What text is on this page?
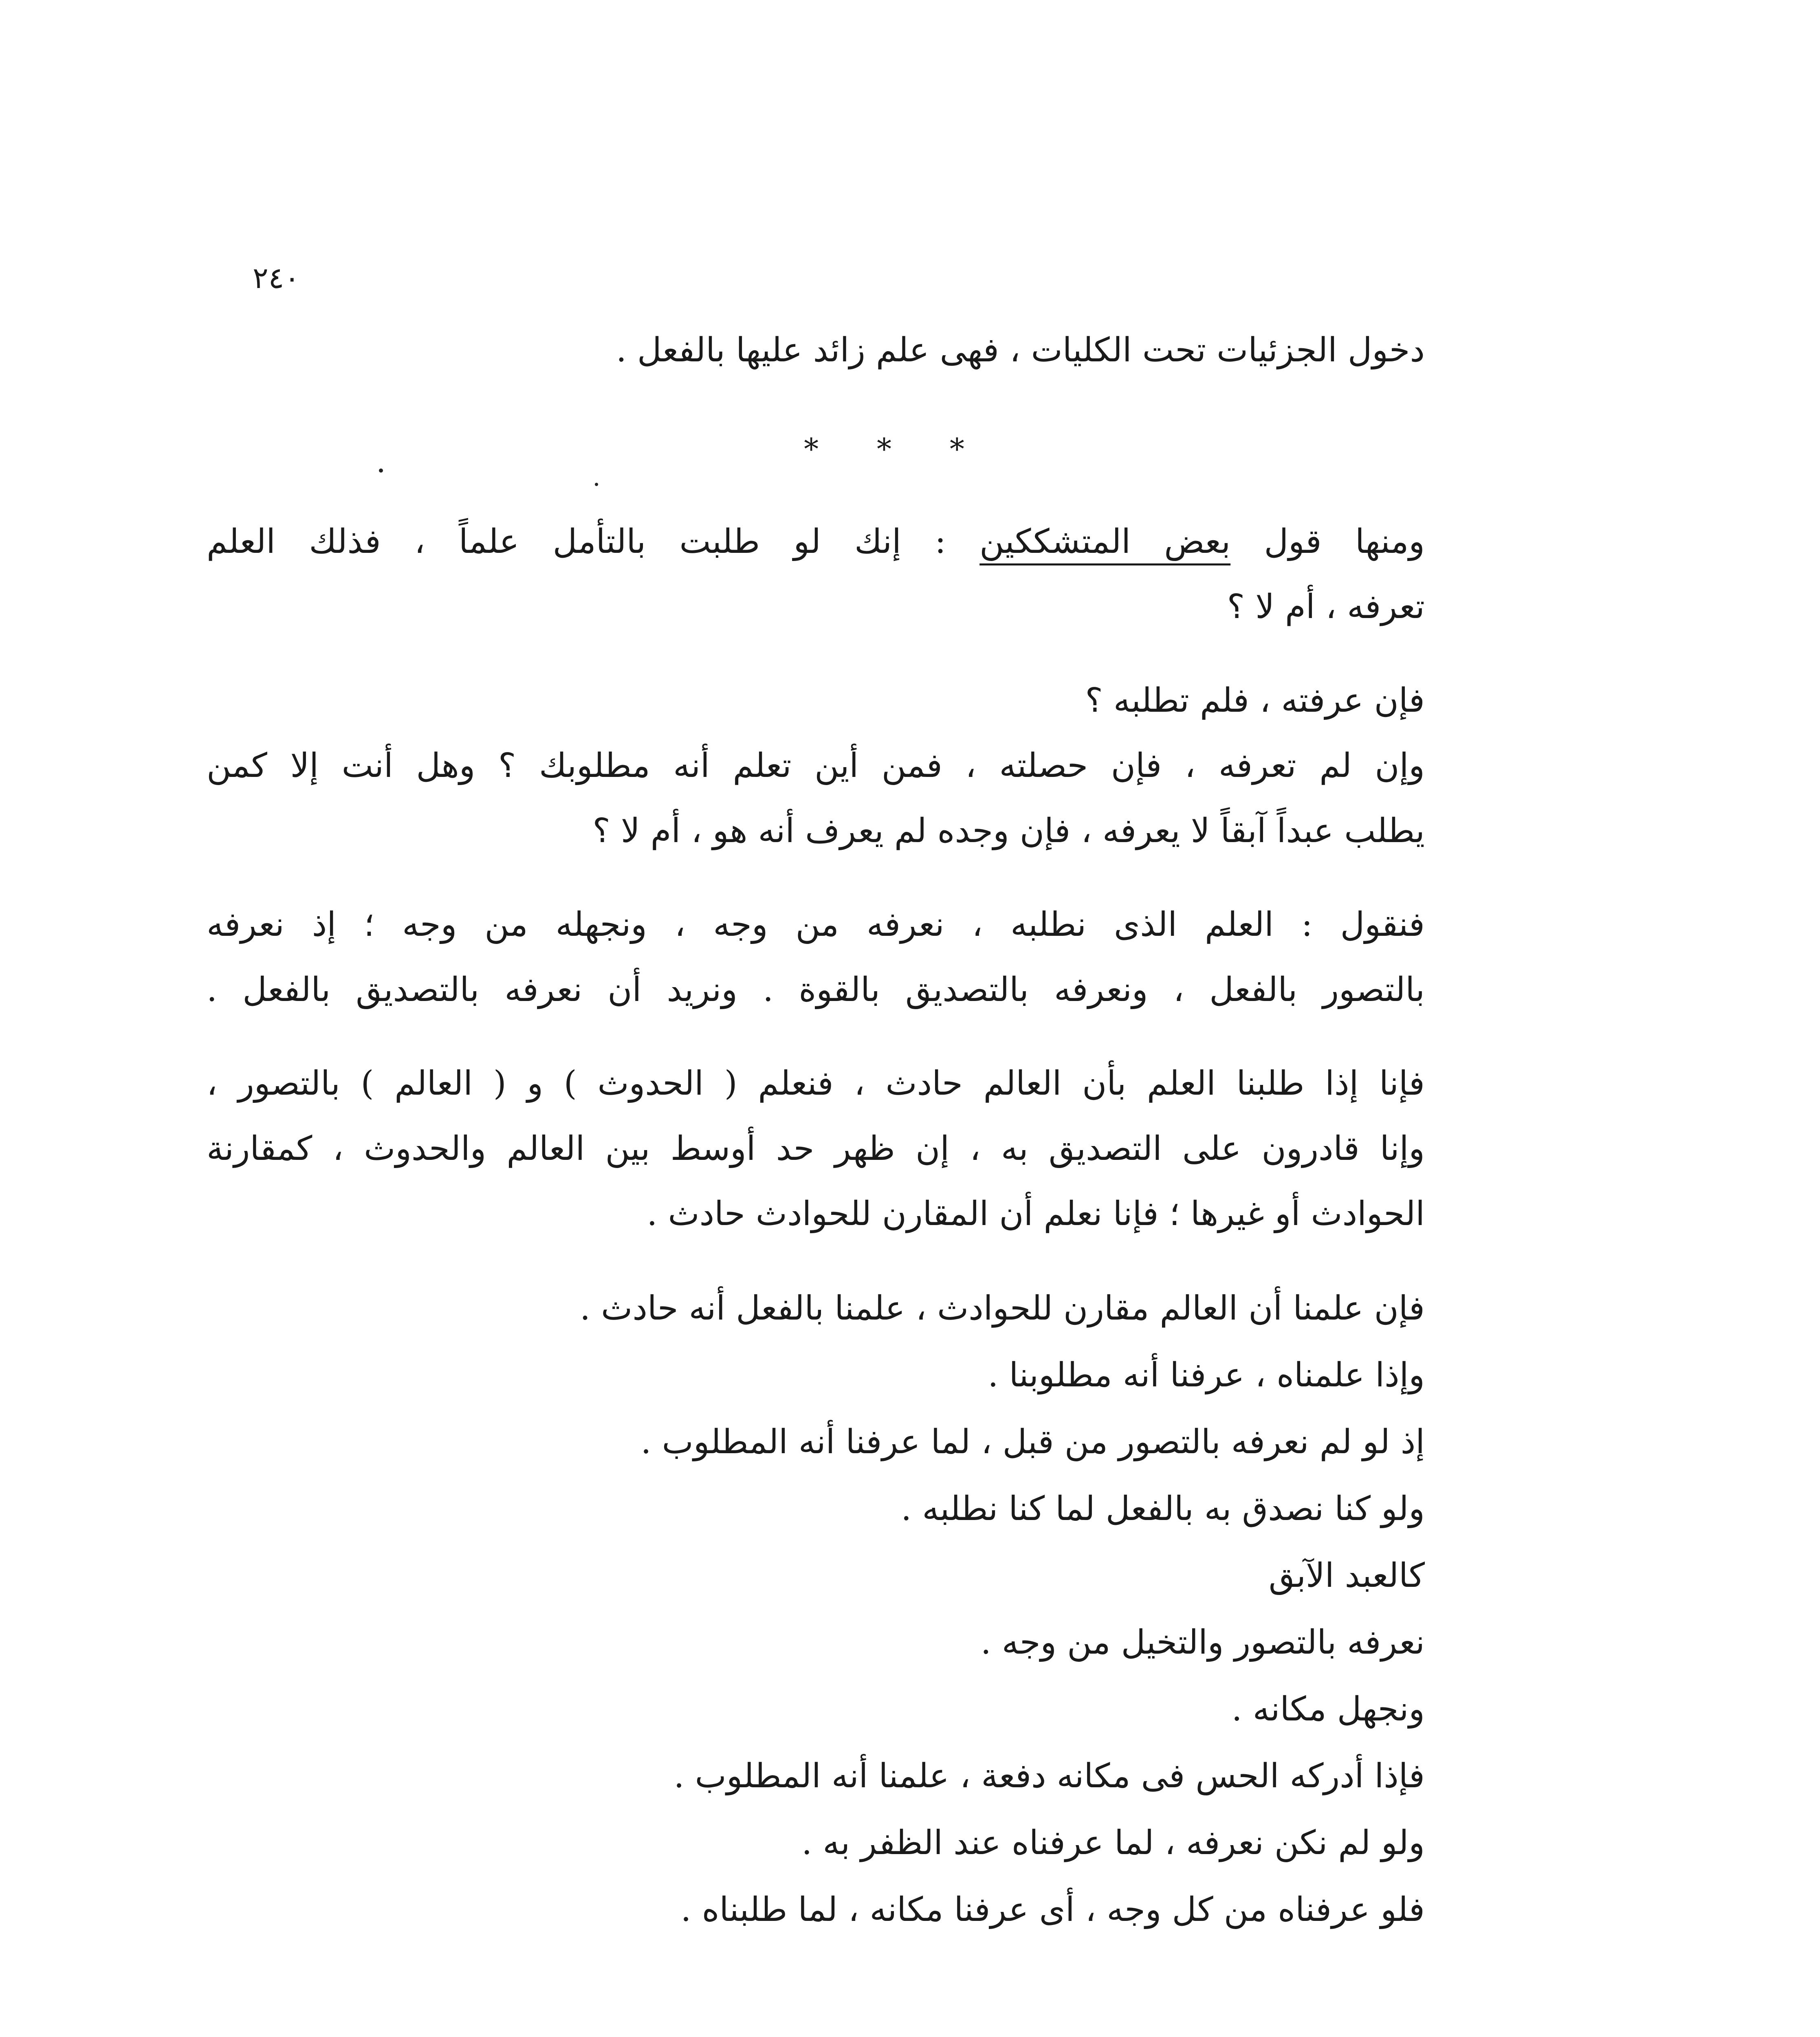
٢٤٠
دخول الجزئيات تحت الكليات ، فهى علم زائد عليها بالفعل .
* * *
ومنها قول بعض المتشككين : إنك لو طلبت بالتأمل علماً ، فذلك العلم
تعرفه ، أم لا ؟
فإن عرفته ، فلم تطلبه ؟
وإن لم تعرفه ، فإن حصلته ، فمن أين تعلم أنه مطلوبك ؟ وهل أنت إلا كمن
يطلب عبداً آبقاً لا يعرفه ، فإن وجده لم يعرف أنه هو ، أم لا ؟
فنقول : العلم الذى نطلبه ، نعرفه من وجه ، ونجهله من وجه ؛ إذ نعرفه
بالتصور بالفعل ، ونعرفه بالتصديق بالقوة . ونريد أن نعرفه بالتصديق بالفعل .
فإنا إذا طلبنا العلم بأن العالم حادث ، فنعلم ( الحدوث ) و ( العالم ) بالتصور ،
وإنا قادرون على التصديق به ، إن ظهر حد أوسط بين العالم والحدوث ، كمقارنة
الحوادث أو غيرها ؛ فإنا نعلم أن المقارن للحوادث حادث .
فإن علمنا أن العالم مقارن للحوادث ، علمنا بالفعل أنه حادث .
وإذا علمناه ، عرفنا أنه مطلوبنا .
إذ لو لم نعرفه بالتصور من قبل ، لما عرفنا أنه المطلوب .
ولو كنا نصدق به بالفعل لما كنا نطلبه .
كالعبد الآبق
نعرفه بالتصور والتخيل من وجه .
ونجهل مكانه .
فإذا أدركه الحس فى مكانه دفعة ، علمنا أنه المطلوب .
ولو لم نكن نعرفه ، لما عرفناه عند الظفر به .
فلو عرفناه من كل وجه ، أى عرفنا مكانه ، لما طلبناه .
